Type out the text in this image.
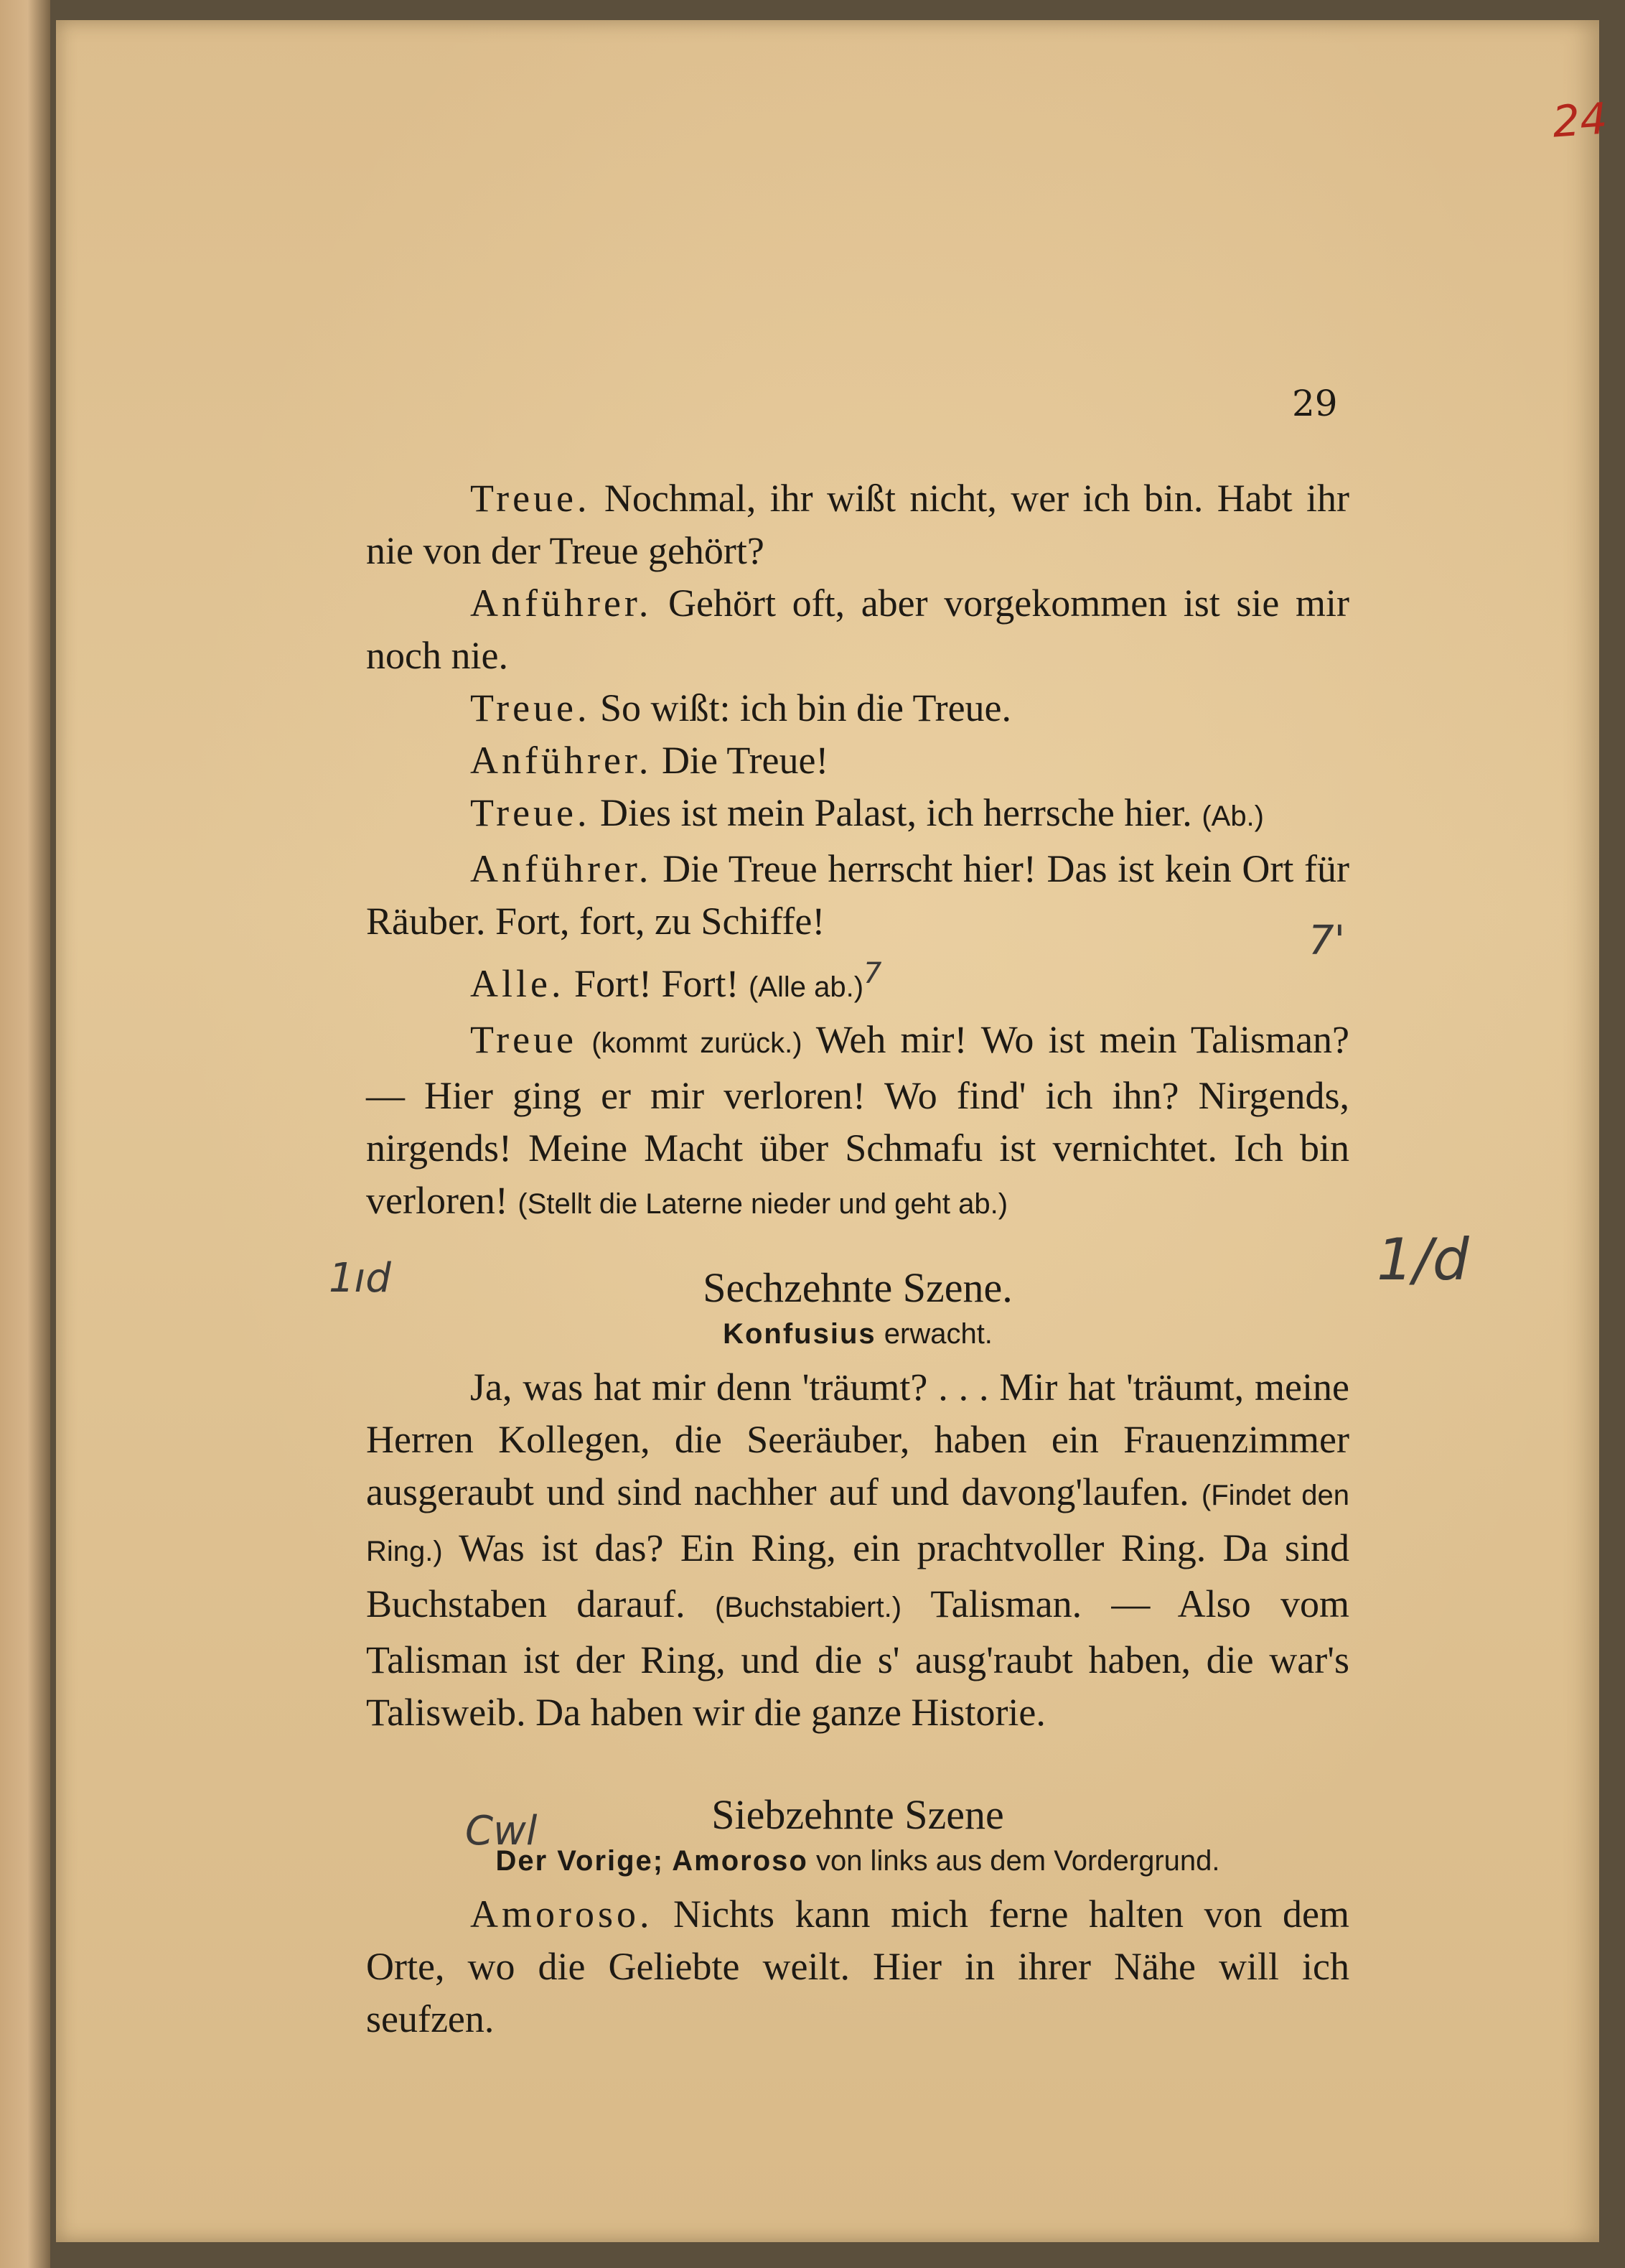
24
29
7'
1ıd	1/d
Cwl

Treue. Nochmal, ihr wißt nicht, wer ich bin. Habt ihr nie von der Treue gehört?

Anführer. Gehört oft, aber vorgekommen ist sie mir noch nie.

Treue. So wißt: ich bin die Treue.

Anführer. Die Treue!

Treue. Dies ist mein Palast, ich herrsche hier. (Ab.)

Anführer. Die Treue herrscht hier! Das ist kein Ort für Räuber. Fort, fort, zu Schiffe!

Alle. Fort! Fort! (Alle ab.)$^7$

Treue (kommt zurück.) Weh mir! Wo ist mein Talisman? — Hier ging er mir verloren! Wo find' ich ihn? Nirgends, nirgends! Meine Macht über Schmafu ist vernichtet. Ich bin verloren! (Stellt die Laterne nieder und geht ab.)

Sechzehnte Szene.
Konfusius erwacht.

Ja, was hat mir denn 'träumt? . . . Mir hat 'träumt, meine Herren Kollegen, die Seeräuber, haben ein Frauenzimmer ausgeraubt und sind nachher auf und davong'laufen. (Findet den Ring.) Was ist das? Ein Ring, ein prachtvoller Ring. Da sind Buchstaben darauf. (Buchstabiert.) Talisman. — Also vom Talisman ist der Ring, und die s' ausg'raubt haben, die war's Talisweib. Da haben wir die ganze Historie.

Siebzehnte Szene
Der Vorige; Amoroso von links aus dem Vordergrund.

Amoroso. Nichts kann mich ferne halten von dem Orte, wo die Geliebte weilt. Hier in ihrer Nähe will ich seufzen.
